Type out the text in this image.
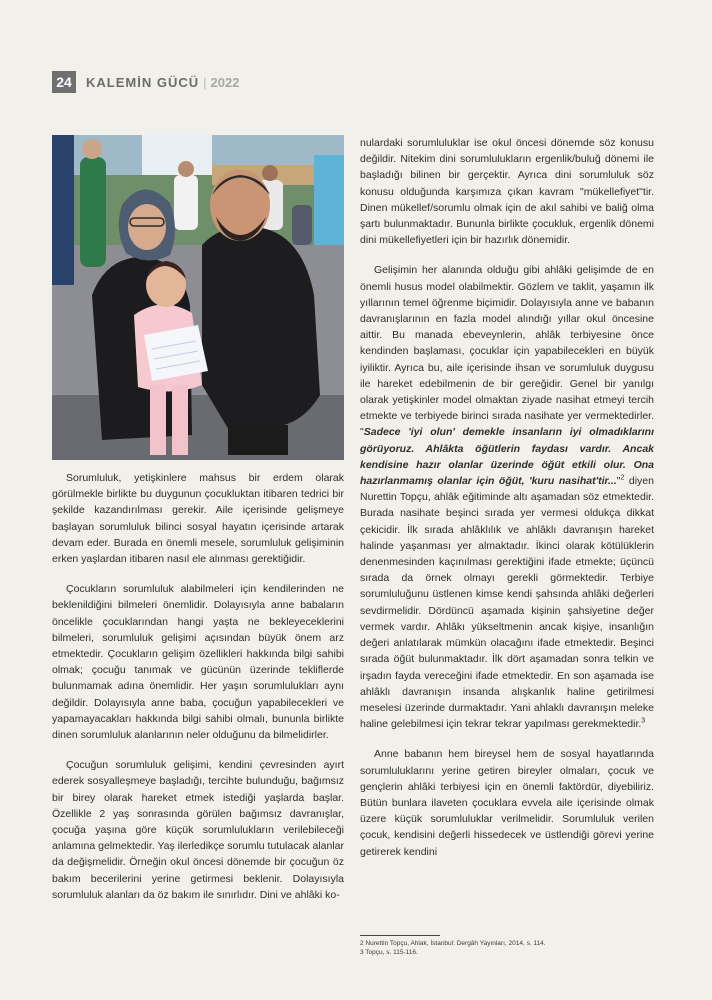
24	KALEMİN GÜCÜ | 2022

Sorumluluk, yetişkinlere mahsus bir erdem olarak görülmekle birlikte bu duygunun çocukluktan itibaren tedrici bir şekilde kazandırılması gerekir. Aile içerisinde gelişmeye başlayan sorumluluk bilinci sosyal hayatın içerisinde artarak devam eder. Burada en önemli mesele, sorumluluk gelişiminin erken yaşlardan itibaren nasıl ele alınması gerektiğidir.

Çocukların sorumluluk alabilmeleri için kendilerinden ne beklenildiğini bilmeleri önemlidir. Dolayısıyla anne babaların öncelikle çocuklarından hangi yaşta ne bekleyeceklerini bilmeleri, sorumluluk gelişimi açısından büyük önem arz etmektedir. Çocukların gelişim özellikleri hakkında bilgi sahibi olmak; çocuğu tanımak ve gücünün üzerinde tekliflerde bulunmamak adına önemlidir. Her yaşın sorumlulukları aynı değildir. Dolayısıyla anne baba, çocuğun yapabilecekleri ve yapamayacakları hakkında bilgi sahibi olmalı, bununla birlikte dinen sorumluluk alanlarının neler olduğunu da bilmelidirler.

Çocuğun sorumluluk gelişimi, kendini çevresinden ayırt ederek sosyalleşmeye başladığı, tercihte bulunduğu, bağımsız bir birey olarak hareket etmek istediği yaşlarda başlar. Özellikle 2 yaş sonrasında görülen bağımsız davranışlar, çocuğa yaşına göre küçük sorumlulukların verilebileceği anlamına gelmektedir. Yaş ilerledikçe sorumlu tutulacak alanlar da değişmelidir. Örneğin okul öncesi dönemde bir çocuğun öz bakım becerilerini yerine getirmesi beklenir. Dolayısıyla sorumluluk alanları da öz bakım ile sınırlıdır. Dini ve ahlâki ko-

nulardaki sorumluluklar ise okul öncesi dönemde söz konusu değildir. Nitekim dini sorumlulukların ergenlik/buluğ dönemi ile başladığı bilinen bir gerçektir. Ayrıca dini sorumluluk söz konusu olduğunda karşımıza çıkan kavram "mükellefiyet"tir. Dinen mükellef/sorumlu olmak için de akıl sahibi ve baliğ olma şartı bulunmaktadır. Bununla birlikte çocukluk, ergenlik dönemi dini mükellefiyetleri için bir hazırlık dönemidir.

Gelişimin her alanında olduğu gibi ahlâki gelişimde de en önemli husus model olabilmektir. Gözlem ve taklit, yaşamın ilk yıllarının temel öğrenme biçimidir. Dolayısıyla anne ve babanın davranışlarının en fazla model alındığı yıllar okul öncesine aittir. Bu manada ebeveynlerin, ahlâk terbiyesine önce kendinden başlaması, çocuklar için yapabilecekleri en büyük iyiliktir. Ayrıca bu, aile içerisinde ihsan ve sorumluluk duygusu ile hareket edebilmenin de bir gereğidir. Genel bir yanılgı olarak yetişkinler model olmaktan ziyade nasihat etmeyi tercih etmekte ve terbiyede birinci sırada nasihate yer vermektedirler. "Sadece 'iyi olun' demekle insanların iyi olmadıklarını görüyoruz. Ahlâkta öğütlerin faydası vardır. Ancak kendisine hazır olanlar üzerinde öğüt etkili olur. Ona hazırlanmamış olanlar için öğüt, 'kuru nasihat'tir..."$^2$ diyen Nurettin Topçu, ahlâk eğitiminde altı aşamadan söz etmektedir. Burada nasihate beşinci sırada yer vermesi oldukça dikkat çekicidir. İlk sırada ahlâklılık ve ahlâklı davranışın hareket halinde yaşanması yer almaktadır. İkinci olarak kötülüklerin denenmesinden kaçınılması gerektiğini ifade etmekte; üçüncü sırada da örnek olmayı gerekli görmektedir. Terbiye sorumluluğunu üstlenen kimse kendi şahsında ahlâki değerleri sevdirmelidir. Dördüncü aşamada kişinin şahsiyetine değer vermek vardır. Ahlâkı yükseltmenin ancak kişiye, insanlığın değeri anlatılarak mümkün olacağını ifade etmektedir. Beşinci sırada öğüt bulunmaktadır. İlk dört aşamadan sonra telkin ve irşadın fayda vereceğini ifade etmektedir. En son aşamada ise ahlâklı davranışın insanda alışkanlık haline getirilmesi meselesi üzerinde durmaktadır. Yani ahlaklı davranışın meleke haline gelebilmesi için tekrar tekrar yapılması gerekmektedir.$^3$

Anne babanın hem bireysel hem de sosyal hayatlarında sorumluluklarını yerine getiren bireyler olmaları, çocuk ve gençlerin ahlâki terbiyesi için en önemli faktördür, diyebiliriz. Bütün bunlara ilaveten çocuklara evvela aile içerisinde olmak üzere küçük sorumluluklar verilmelidir. Sorumluluk verilen çocuk, kendisini değerli hissedecek ve üstlendiği görevi yerine getirerek kendini

2 Nurettin Topçu, Ahlak, İstanbul: Dergâh Yayınları, 2014, s. 114.

3 Topçu, s. 115-116.
